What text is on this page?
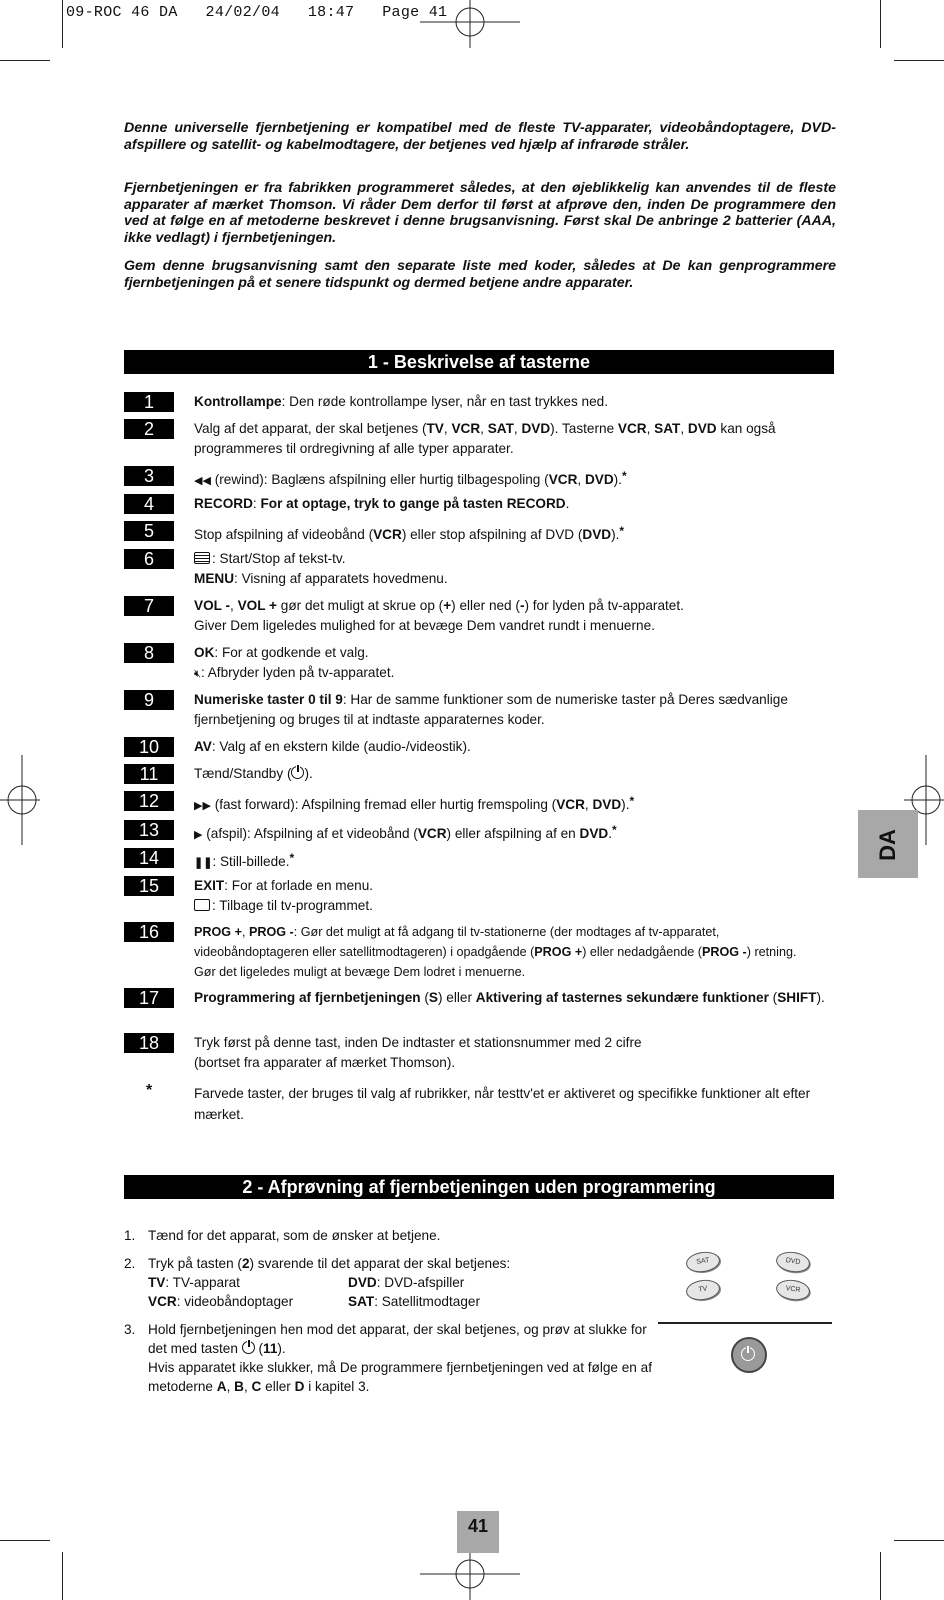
09-ROC 46 DA   24/02/04   18:47   Page 41
Denne universelle fjernbetjening er kompatibel med de fleste TV-apparater, videobåndoptagere, DVD-afspillere og satellit- og kabelmodtagere, der betjenes ved hjælp af infrarøde stråler.
Fjernbetjeningen er fra fabrikken programmeret således, at den øjeblikkelig kan anvendes til de fleste apparater af mærket Thomson. Vi råder Dem derfor til først at afprøve den, inden De programmere den ved at følge en af metoderne beskrevet i denne brugsanvisning. Først skal De anbringe 2 batterier (AAA, ikke vedlagt) i fjernbetjeningen.
Gem denne brugsanvisning samt den separate liste med koder, således at De kan genprogrammere fjernbetjeningen på et senere tidspunkt og dermed betjene andre apparater.
1 - Beskrivelse af tasterne
1	Kontrollampe: Den røde kontrollampe lyser, når en tast trykkes ned.
2	Valg af det apparat, der skal betjenes (TV, VCR, SAT, DVD). Tasterne VCR, SAT, DVD kan også programmeres til ordregivning af alle typer apparater.
3	◀◀ (rewind): Baglæns afspilning eller hurtig tilbagespoling (VCR, DVD).*
4	RECORD: For at optage, tryk to gange på tasten RECORD.
5	Stop afspilning af videobånd (VCR) eller stop afspilning af DVD (DVD).*
6	: Start/Stop af tekst-tv.
MENU: Visning af apparatets hovedmenu.
7	VOL -, VOL + gør det muligt at skrue op (+) eller ned (-) for lyden på tv-apparatet.
Giver Dem ligeledes mulighed for at bevæge Dem vandret rundt i menuerne.
8	OK: For at godkende et valg.
🔇︎: Afbryder lyden på tv-apparatet.
9	Numeriske taster 0 til 9: Har de samme funktioner som de numeriske taster på Deres sædvanlige fjernbetjening og bruges til at indtaste apparaternes koder.
10	AV: Valg af en ekstern kilde (audio-/videostik).
11	Tænd/Standby ( ).
12	▶▶ (fast forward): Afspilning fremad eller hurtig fremspoling (VCR, DVD).*
13	▶ (afspil): Afspilning af et videobånd (VCR) eller afspilning af en DVD.*
14	❚❚: Still-billede.*
15	EXIT: For at forlade en menu.
: Tilbage til tv-programmet.
16	PROG +, PROG -: Gør det muligt at få adgang til tv-stationerne (der modtages af tv-apparatet, videobåndoptageren eller satellitmodtageren) i opadgående (PROG +) eller nedadgående (PROG -) retning.
Gør det ligeledes muligt at bevæge Dem lodret i menuerne.
17	Programmering af fjernbetjeningen (S) eller Aktivering af tasternes sekundære funktioner (SHIFT).
18	Tryk først på denne tast, inden De indtaster et stationsnummer med 2 cifre
(bortset fra apparater af mærket Thomson).
*	Farvede taster, der bruges til valg af rubrikker, når testtv'et er aktiveret og specifikke funktioner alt efter mærket.
2 - Afprøvning af fjernbetjeningen uden programmering
1. Tænd for det apparat, som de ønsker at betjene.
2. Tryk på tasten (2) svarende til det apparat der skal betjenes:
TV: TV-apparat	DVD: DVD-afspiller
VCR: videobåndoptager	SAT: Satellitmodtager
3. Hold fjernbetjeningen hen mod det apparat, der skal betjenes, og prøv at slukke for det med tasten  (11).
Hvis apparatet ikke slukker, må De programmere fjernbetjeningen ved at følge en af metoderne A, B, C eller D i kapitel 3.
SAT	DVD
TV	VCR
DA
41
